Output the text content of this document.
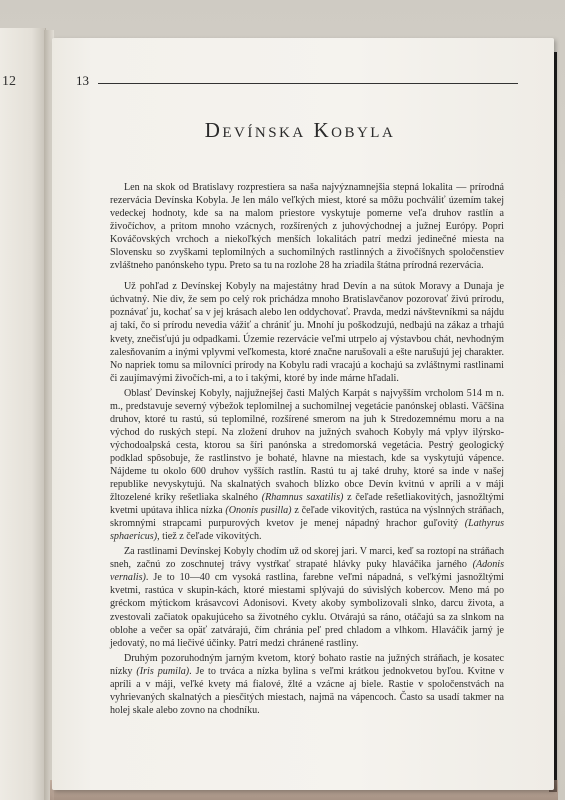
12	13
Devínska Kobyla

Len na skok od Bratislavy rozprestiera sa naša najvýznamnejšia stepná lokalita — prírodná rezervácia Devínska Kobyla. Je len málo veľkých miest, ktoré sa môžu pochváliť územím takej vedeckej hodnoty, kde sa na malom priestore vyskytuje pomerne veľa druhov rastlín a živočíchov, a pritom mnoho vzácnych, rozšírených z juhovýchodnej a južnej Európy. Popri Kováčovských vrchoch a niekoľkých menších lokalitách patrí medzi jedinečné miesta na Slovensku so zvyškami teplomilných a suchomilných rastlinných a živočíšnych spoločenstiev zvláštneho panónskeho typu. Preto sa tu na rozlohe 28 ha zriadila štátna prírodná rezervácia.

Už pohľad z Devínskej Kobyly na majestátny hrad Devín a na sútok Moravy a Dunaja je úchvatný. Nie div, že sem po celý rok prichádza mnoho Bratislavčanov pozorovať živú prírodu, poznávať ju, kochať sa v jej krásach alebo len oddychovať. Pravda, medzi návštevníkmi sa nájdu aj takí, čo si prírodu nevedia vážiť a chrániť ju. Mnohí ju poškodzujú, nedbajú na zákaz a trhajú kvety, znečisťujú ju odpadkami. Územie rezervácie veľmi utrpelo aj výstavbou chát, nevhodným zalesňovaním a inými vplyvmi veľkomesta, ktoré značne narušovali a ešte narušujú jej charakter. No napriek tomu sa milovníci prírody na Kobylu radi vracajú a kochajú sa zvláštnymi rastlinami či zaujímavými živočích-mi, a to i takými, ktoré by inde márne hľadali.

Oblasť Devínskej Kobyly, najjužnejšej časti Malých Karpát s najvyšším vrcholom 514 m n. m., predstavuje severný výbežok teplomilnej a suchomilnej vegetácie panónskej oblasti. Väčšina druhov, ktoré tu rastú, sú teplomilné, rozšírené smerom na juh k Stredozemnému moru a na východ do ruských stepí. Na zložení druhov na južných svahoch Kobyly má vplyv ilýrsko-východoalpská cesta, ktorou sa šíri panónska a stredomorská vegetácia. Pestrý geologický podklad spôsobuje, že rastlinstvo je bohaté, hlavne na miestach, kde sa vyskytujú vápence. Nájdeme tu okolo 600 druhov vyšších rastlín. Rastú tu aj také druhy, ktoré sa inde v našej republike nevyskytujú. Na skalnatých svahoch blízko obce Devín kvitnú v apríli a v máji žltozelené kríky rešetliaka skalného (Rhamnus saxatilis) z čeľade rešetliakovitých, jasnožltými kvetmi upútava ihlica nízka (Ononis pusilla) z čeľade vikovitých, rastúca na výslnných stráňach, skromnými strapcami purpurových kvetov je menej nápadný hrachor guľovitý (Lathyrus sphaericus), tiež z čeľade vikovitých.

Za rastlinami Devínskej Kobyly chodím už od skorej jari. V marci, keď sa roztopí na stráňach sneh, začnú zo zoschnutej trávy vystŕkať strapaté hlávky puky hlaváčika jarného (Adonis vernalis). Je to 10—40 cm vysoká rastlina, farebne veľmi nápadná, s veľkými jasnožltými kvetmi, rastúca v skupin-kách, ktoré miestami splývajú do súvislých kobercov. Meno má po gréckom mýtickom krásavcovi Adonisovi. Kvety akoby symbolizovali slnko, darcu života, a zvestovali začiatok opakujúceho sa životného cyklu. Otvárajú sa ráno, otáčajú sa za slnkom na oblohe a večer sa opäť zatvárajú, čím chránia peľ pred chladom a vlhkom. Hlaváčik jarný je jedovatý, no má liečivé účinky. Patrí medzi chránené rastliny.

Druhým pozoruhodným jarným kvetom, ktorý bohato rastie na južných stráňach, je kosatec nízky (Iris pumila). Je to trváca a nízka bylina s veľmi krátkou jednokvetou byľou. Kvitne v apríli a v máji, veľké kvety má fialové, žlté a vzácne aj biele. Rastie v spoločenstvách na vyhrievaných skalnatých a piesčitých miestach, najmä na vápencoch. Často sa usadí takmer na holej skale alebo zovno na chodníku.
